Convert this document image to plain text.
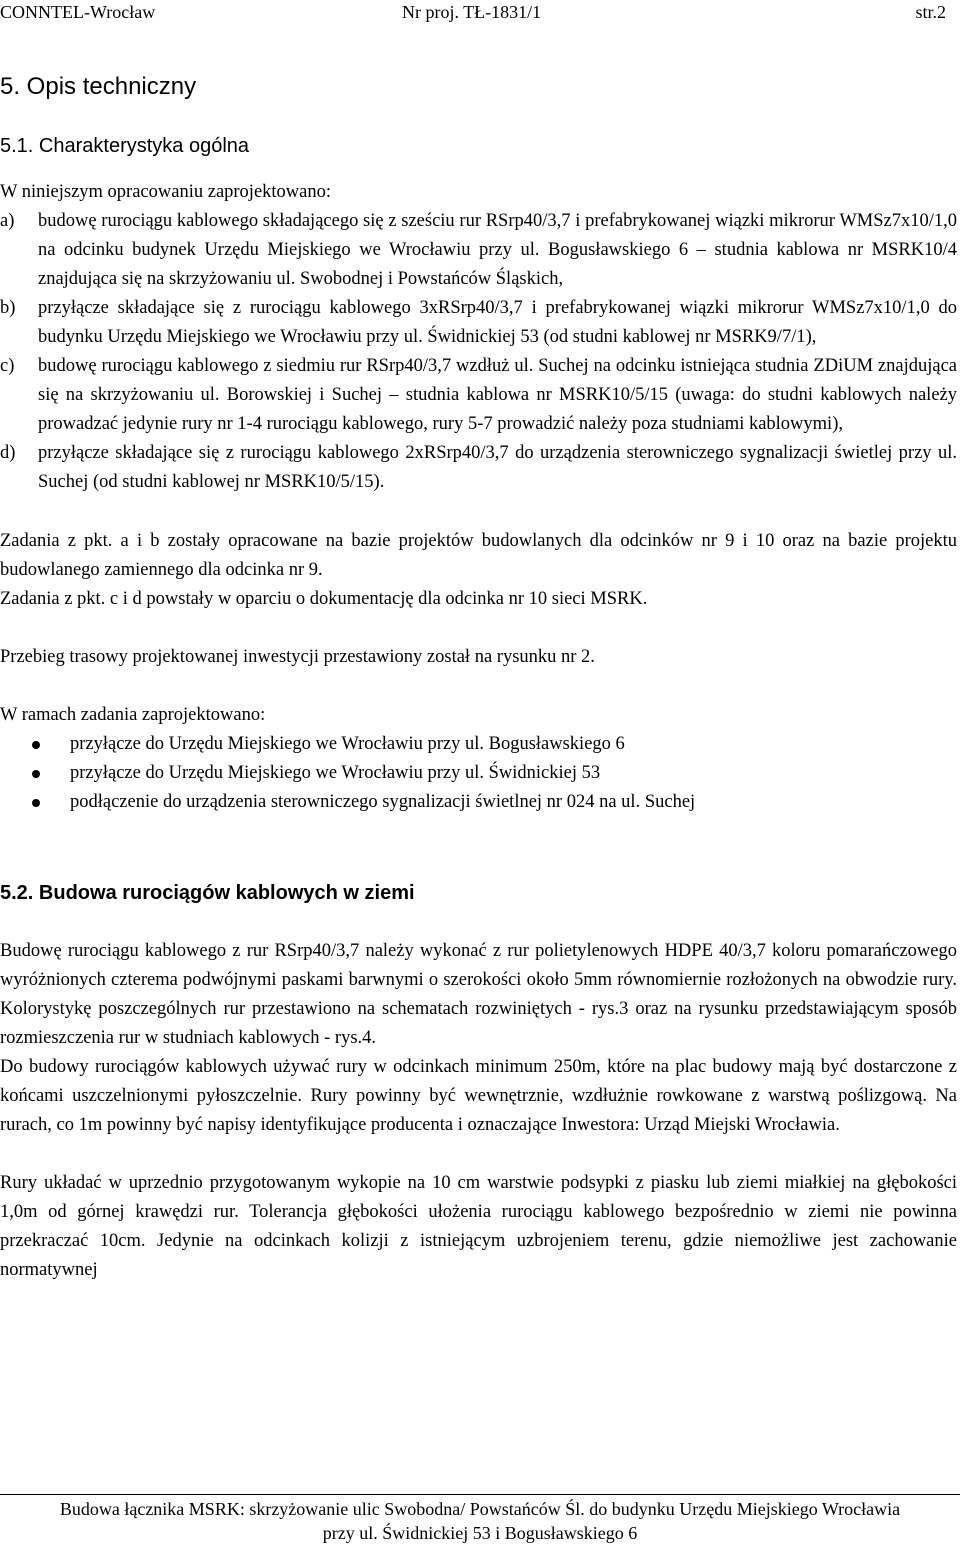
CONNTEL-Wrocław	Nr proj. TŁ-1831/1	str.2
5. Opis techniczny
5.1. Charakterystyka ogólna

W niniejszym opracowaniu zaprojektowano:

a) budowę rurociągu kablowego składającego się z sześciu rur RSrp40/3,7 i prefabrykowanej wiązki mikrorur WMSz7x10/1,0 na odcinku budynek Urzędu Miejskiego we Wrocławiu przy ul. Bogusławskiego 6 – studnia kablowa nr MSRK10/4 znajdująca się na skrzyżowaniu ul. Swobodnej i Powstańców Śląskich,
b) przyłącze składające się z rurociągu kablowego 3xRSrp40/3,7 i prefabrykowanej wiązki mikrorur WMSz7x10/1,0 do budynku Urzędu Miejskiego we Wrocławiu przy ul. Świdnickiej 53 (od studni kablowej nr MSRK9/7/1),
c) budowę rurociągu kablowego z siedmiu rur RSrp40/3,7 wzdłuż ul. Suchej na odcinku istniejąca studnia ZDiUM znajdująca się na skrzyżowaniu ul. Borowskiej i Suchej – studnia kablowa nr MSRK10/5/15 (uwaga: do studni kablowych należy prowadzać jedynie rury nr 1-4 rurociągu kablowego, rury 5-7 prowadzić należy poza studniami kablowymi),
d) przyłącze składające się z rurociągu kablowego 2xRSrp40/3,7 do urządzenia sterowniczego sygnalizacji świetlej przy ul. Suchej (od studni kablowej nr MSRK10/5/15).

Zadania z pkt. a i b zostały opracowane na bazie projektów budowlanych dla odcinków nr 9 i 10 oraz na bazie projektu budowlanego zamiennego dla odcinka nr 9.

Zadania z pkt. c i d powstały w oparciu o dokumentację dla odcinka nr 10 sieci MSRK.

Przebieg trasowy projektowanej inwestycji przestawiony został na rysunku nr 2.

W ramach zadania zaprojektowano:

przyłącze do Urzędu Miejskiego we Wrocławiu przy ul. Bogusławskiego 6
przyłącze do Urzędu Miejskiego we Wrocławiu przy ul. Świdnickiej 53
podłączenie do urządzenia sterowniczego sygnalizacji świetlnej nr 024 na ul. Suchej
5.2. Budowa rurociągów kablowych w ziemi

Budowę rurociągu kablowego z rur RSrp40/3,7 należy wykonać z rur polietylenowych HDPE 40/3,7 koloru pomarańczowego wyróżnionych czterema podwójnymi paskami barwnymi o szerokości około 5mm równomiernie rozłożonych na obwodzie rury. Kolorystykę poszczególnych rur przestawiono na schematach rozwiniętych - rys.3 oraz na rysunku przedstawiającym sposób rozmieszczenia rur w studniach kablowych - rys.4.

Do budowy rurociągów kablowych używać rury w odcinkach minimum 250m, które na plac budowy mają być dostarczone z końcami uszczelnionymi pyłoszczelnie. Rury powinny być wewnętrznie, wzdłużnie rowkowane z warstwą poślizgową. Na rurach, co 1m powinny być napisy identyfikujące producenta i oznaczające Inwestora: Urząd Miejski Wrocławia.

Rury układać w uprzednio przygotowanym wykopie na 10 cm warstwie podsypki z piasku lub ziemi miałkiej na głębokości 1,0m od górnej krawędzi rur. Tolerancja głębokości ułożenia rurociągu kablowego bezpośrednio w ziemi nie powinna przekraczać 10cm. Jedynie na odcinkach kolizji z istniejącym uzbrojeniem terenu, gdzie niemożliwe jest zachowanie normatywnej

Budowa łącznika MSRK: skrzyżowanie ulic Swobodna/ Powstańców Śl. do budynku Urzędu Miejskiego Wrocławia
przy ul. Świdnickiej 53 i Bogusławskiego 6
